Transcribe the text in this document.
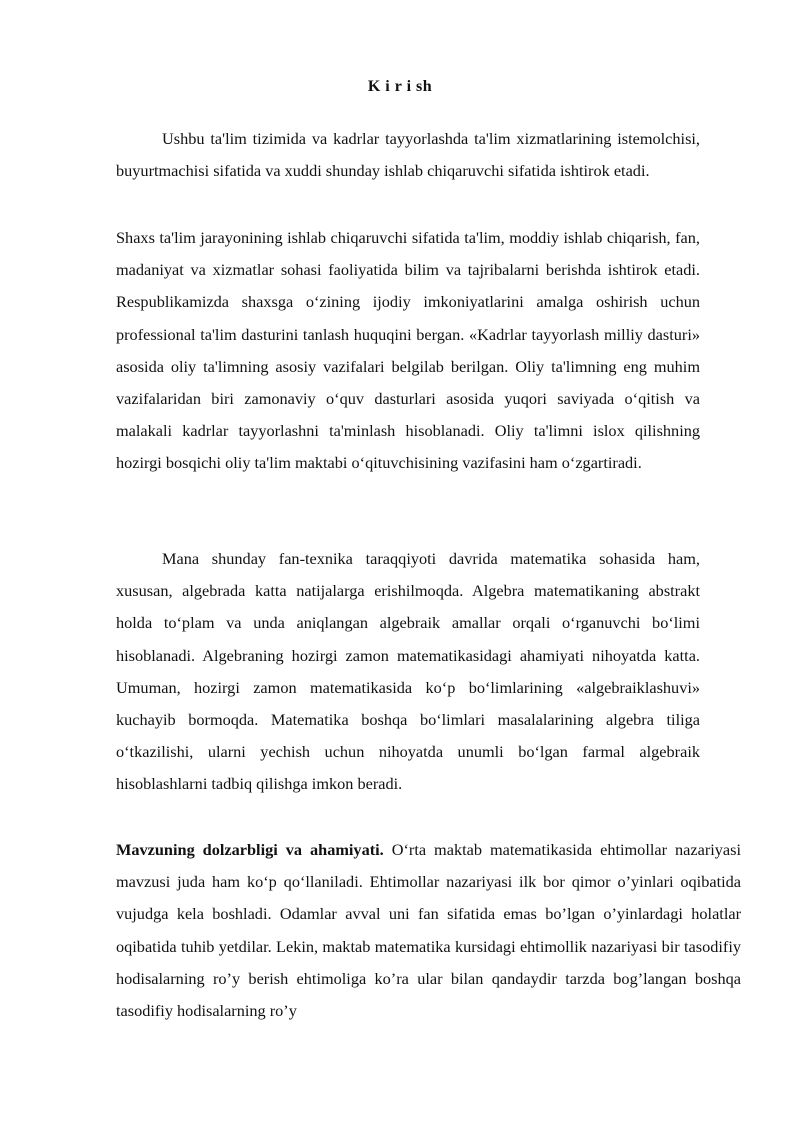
K i r i sh

Ushbu ta'lim tizimida va kadrlar tayyorlashda ta'lim xizmatlarining istemolchisi, buyurtmachisi sifatida va xuddi shunday ishlab chiqaruvchi sifatida ishtirok etadi.

Shaxs ta'lim jarayonining ishlab chiqaruvchi sifatida ta'lim, moddiy ishlab chiqarish, fan, madaniyat va xizmatlar sohasi faoliyatida bilim va tajribalarni berishda ishtirok etadi. Respublikamizda shaxsga o‘zining ijodiy imkoniyatlarini amalga oshirish uchun professional ta'lim dasturini tanlash huquqini bergan. «Kadrlar tayyorlash milliy dasturi» asosida oliy ta'limning asosiy vazifalari belgilab berilgan. Oliy ta'limning eng muhim vazifalaridan biri zamonaviy o‘quv dasturlari asosida yuqori saviyada o‘qitish va malakali kadrlar tayyorlashni ta'minlash hisoblanadi. Oliy ta'limni islox qilishning hozirgi bosqichi oliy ta'lim maktabi o‘qituvchisining vazifasini ham o‘zgartiradi.

Mana shunday fan-texnika taraqqiyoti davrida matematika sohasida ham, xususan, algebrada katta natijalarga erishilmoqda. Algebra matematikaning abstrakt holda to‘plam va unda aniqlangan algebraik amallar orqali o‘rganuvchi bo‘limi hisoblanadi. Algebraning hozirgi zamon matematikasidagi ahamiyati nihoyatda katta. Umuman, hozirgi zamon matematikasida ko‘p bo‘limlarining «algebraiklashuvi» kuchayib bormoqda. Matematika boshqa bo‘limlari masalalarining algebra tiliga o‘tkazilishi, ularni yechish uchun nihoyatda unumli bo‘lgan farmal algebraik hisoblashlarni tadbiq qilishga imkon beradi.

Mavzuning dolzarbligi va ahamiyati. O‘rta maktab matematikasida ehtimollar nazariyasi mavzusi juda ham ko‘p qo‘llaniladi. Ehtimollar nazariyasi ilk bor qimor o’yinlari oqibatida vujudga kela boshladi. Odamlar avval uni fan sifatida emas bo’lgan o’yinlardagi holatlar oqibatida tuhib yetdilar. Lekin, maktab matematika kursidagi ehtimollik nazariyasi bir tasodifiy hodisalarning ro’y berish ehtimoliga ko’ra ular bilan qandaydir tarzda bog’langan boshqa tasodifiy hodisalarning ro’y
